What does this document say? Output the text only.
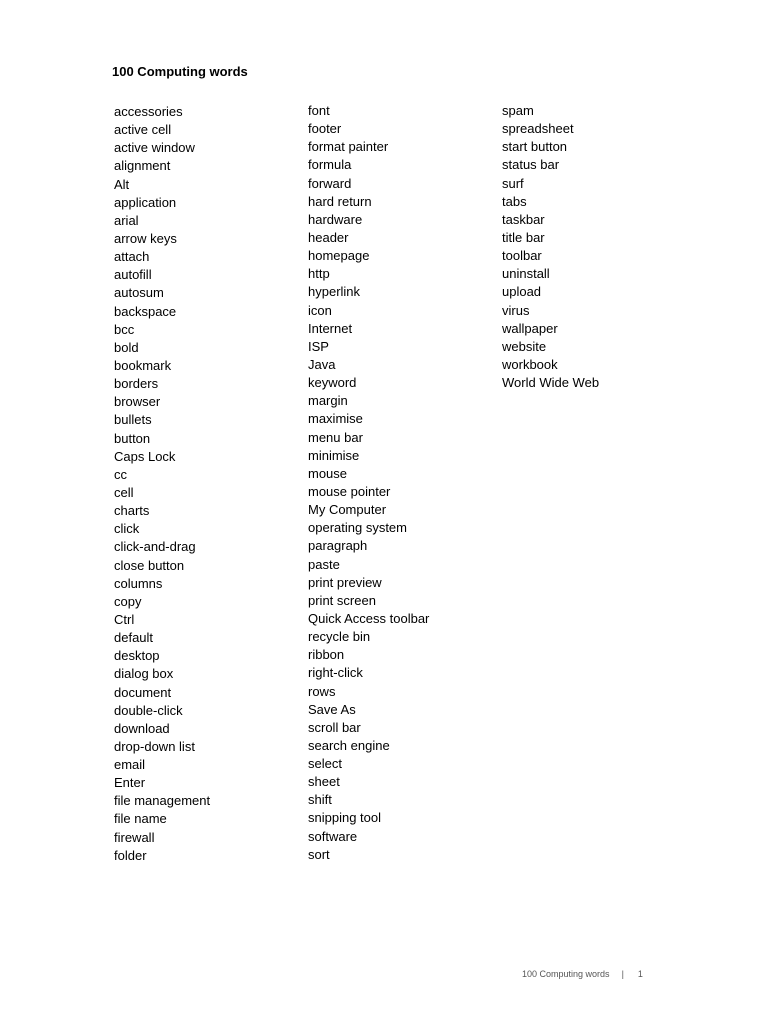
100 Computing words
accessories
active cell
active window
alignment
Alt
application
arial
arrow keys
attach
autofill
autosum
backspace
bcc
bold
bookmark
borders
browser
bullets
button
Caps Lock
cc
cell
charts
click
click-and-drag
close button
columns
copy
Ctrl
default
desktop
dialog box
document
double-click
download
drop-down list
email
Enter
file management
file name
firewall
folder
font
footer
format painter
formula
forward
hard return
hardware
header
homepage
http
hyperlink
icon
Internet
ISP
Java
keyword
margin
maximise
menu bar
minimise
mouse
mouse pointer
My Computer
operating system
paragraph
paste
print preview
print screen
Quick Access toolbar
recycle bin
ribbon
right-click
rows
Save As
scroll bar
search engine
select
sheet
shift
snipping tool
software
sort
spam
spreadsheet
start button
status bar
surf
tabs
taskbar
title bar
toolbar
uninstall
upload
virus
wallpaper
website
workbook
World Wide Web
100 Computing words | 1
